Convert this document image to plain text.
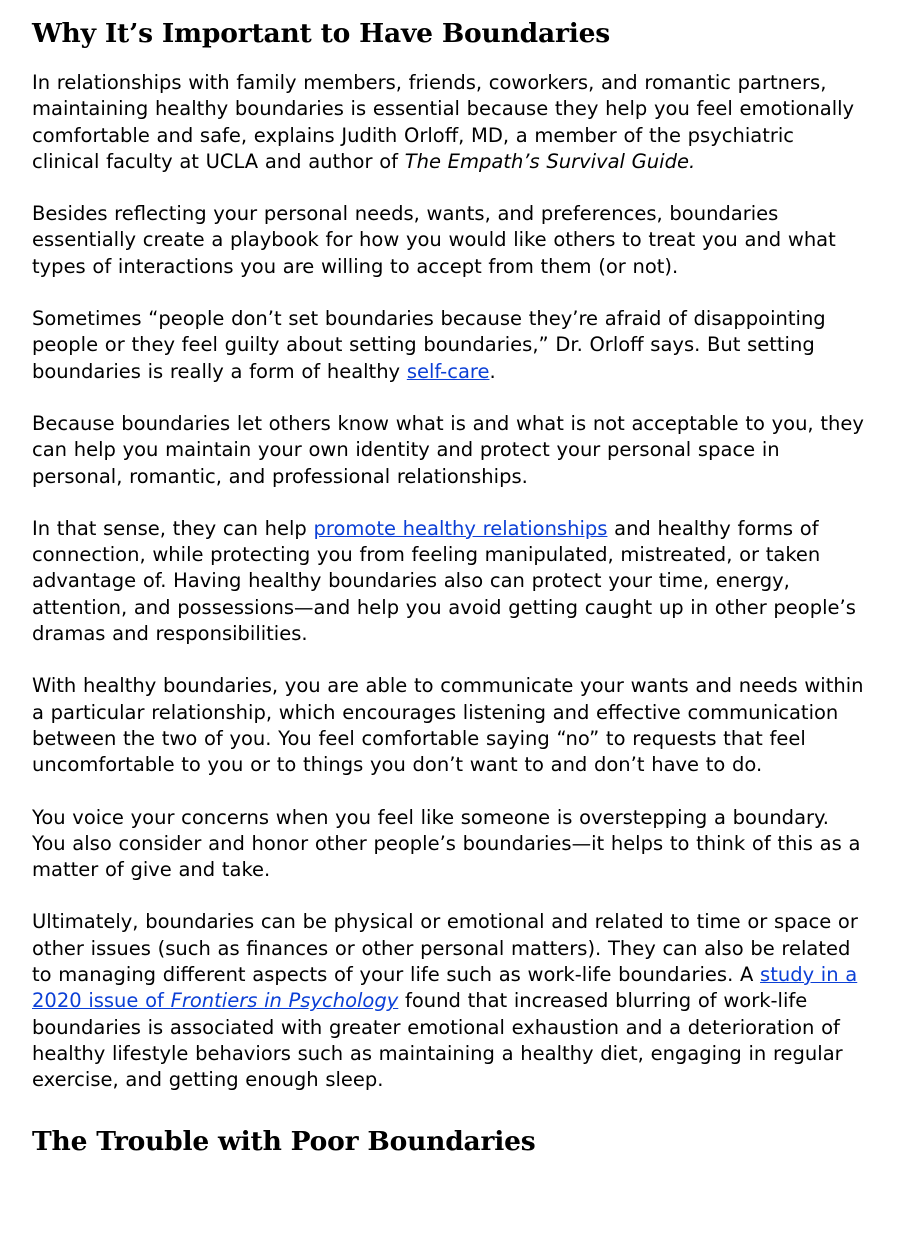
Why It’s Important to Have Boundaries

In relationships with family members, friends, coworkers, and romantic partners, maintaining healthy boundaries is essential because they help you feel emotionally comfortable and safe, explains Judith Orloff, MD, a member of the psychiatric clinical faculty at UCLA and author of The Empath’s Survival Guide.

Besides reflecting your personal needs, wants, and preferences, boundaries essentially create a playbook for how you would like others to treat you and what types of interactions you are willing to accept from them (or not).

Sometimes “people don’t set boundaries because they’re afraid of disappointing people or they feel guilty about setting boundaries,” Dr. Orloff says. But setting boundaries is really a form of healthy self-care.

Because boundaries let others know what is and what is not acceptable to you, they can help you maintain your own identity and protect your personal space in personal, romantic, and professional relationships.

In that sense, they can help promote healthy relationships and healthy forms of connection, while protecting you from feeling manipulated, mistreated, or taken advantage of. Having healthy boundaries also can protect your time, energy, attention, and possessions—and help you avoid getting caught up in other people’s dramas and responsibilities.

With healthy boundaries, you are able to communicate your wants and needs within a particular relationship, which encourages listening and effective communication between the two of you. You feel comfortable saying “no” to requests that feel uncomfortable to you or to things you don’t want to and don’t have to do.

You voice your concerns when you feel like someone is overstepping a boundary. You also consider and honor other people’s boundaries—it helps to think of this as a matter of give and take.

Ultimately, boundaries can be physical or emotional and related to time or space or other issues (such as finances or other personal matters). They can also be related to managing different aspects of your life such as work-life boundaries. A study in a 2020 issue of Frontiers in Psychology found that increased blurring of work-life boundaries is associated with greater emotional exhaustion and a deterioration of healthy lifestyle behaviors such as maintaining a healthy diet, engaging in regular exercise, and getting enough sleep.

The Trouble with Poor Boundaries
